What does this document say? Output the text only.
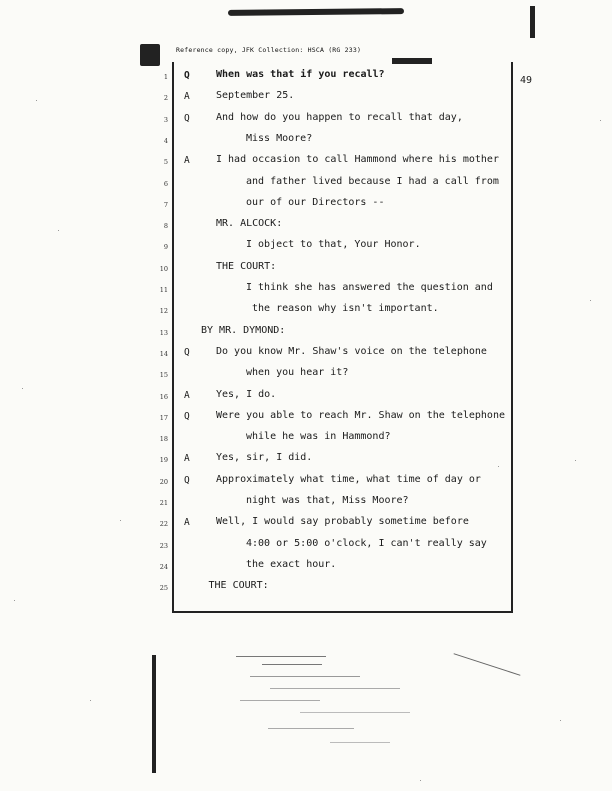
Reference copy, JFK Collection: HSCA (RG 233)
49
1 Q	When was that if you recall?
2 A	September 25.
3 Q	And how do you happen to recall that day,
4	Miss Moore?
5 A	I had occasion to call Hammond where his mother
6	and father lived because I had a call from
7	our of our Directors --
8	MR. ALCOCK:
9	I object to that, Your Honor.
10	THE COURT:
11	I think she has answered the question and
12	the reason why isn't important.
13	BY MR. DYMOND:
14 Q	Do you know Mr. Shaw's voice on the telephone
15	when you hear it?
16 A	Yes, I do.
17 Q	Were you able to reach Mr. Shaw on the telephone
18	while he was in Hammond?
19 A	Yes, sir, I did.
20 Q	Approximately what time, what time of day or
21	night was that, Miss Moore?
22 A	Well, I would say probably sometime before
23	4:00 or 5:00 o'clock, I can't really say
24	the exact hour.
25	THE COURT:
